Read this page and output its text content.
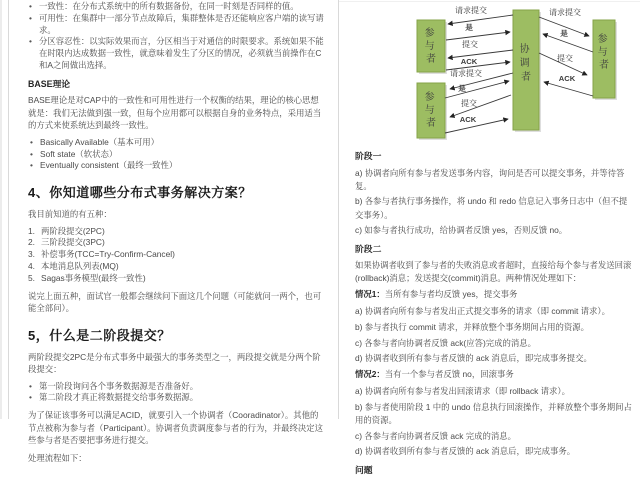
• 一致性：在分布式系统中的所有数据备份，在同一时刻是否同样的值。
• 可用性：在集群中一部分节点故障后，集群整体是否还能响应客户端的读写请求。
• 分区容忍性：以实际效果而言，分区相当于对通信的时限要求。系统如果不能在时限内达成数据一致性，就意味着发生了分区的情况，必须就当前操作在C和A之间做出选择。

BASE理论

BASE理论是对CAP中的一致性和可用性进行一个权衡的结果，理论的核心思想就是：我们无法做到强一致，但每个应用都可以根据自身的业务特点，采用适当的方式来使系统达到最终一致性。

• Basically Available（基本可用）
• Soft state（软状态）
• Eventually consistent（最终一致性）
4、你知道哪些分布式事务解决方案？

我目前知道的有五种：

两阶段提交(2PC)
三阶段提交(3PC)
补偿事务(TCC=Try-Confirm-Cancel)
本地消息队列表(MQ)
Sagas事务模型(最终一致性)

说完上面五种，面试官一般都会继续问下面这几个问题（可能就问一两个，也可能全部问）。

5，什么是二阶段提交？

两阶段提交2PC是分布式事务中最强大的事务类型之一，两段提交就是分两个阶段提交：

• 第一阶段询问各个事务数据源是否准备好。
• 第二阶段才真正将数据提交给事务数据源。

为了保证该事务可以满足ACID，就要引入一个协调者（Cooradinator）。其他的节点被称为参与者（Participant）。协调者负责调度参与者的行为，并最终决定这些参与者是否要把事务进行提交。

处理流程如下：

参 与 者
参 与 者
协 调 者
参 与 者
请求提交
是
提交
ACK
请求提交
是
提交
ACK
请求提交
是
提交
ACK

阶段一

a) 协调者向所有参与者发送事务内容，询问是否可以提交事务，并等待答复。

b) 各参与者执行事务操作，将 undo 和 redo 信息记入事务日志中（但不提交事务）。

c) 如参与者执行成功，给协调者反馈 yes，否则反馈 no。

阶段二

如果协调者收到了参与者的失败消息或者超时，直接给每个参与者发送回滚(rollback)消息；发送提交(commit)消息。两种情况处理如下：

情况1：当所有参与者均反馈 yes，提交事务

a) 协调者向所有参与者发出正式提交事务的请求（即 commit 请求）。

b) 参与者执行 commit 请求，并释放整个事务期间占用的资源。

c) 各参与者向协调者反馈 ack(应答)完成的消息。

d) 协调者收到所有参与者反馈的 ack 消息后，即完成事务提交。

情况2：当有一个参与者反馈 no，回滚事务

a) 协调者向所有参与者发出回滚请求（即 rollback 请求）。

b) 参与者使用阶段 1 中的 undo 信息执行回滚操作，并释放整个事务期间占用的资源。

c) 各参与者向协调者反馈 ack 完成的消息。

d) 协调者收到所有参与者反馈的 ack 消息后，即完成事务。

问题
